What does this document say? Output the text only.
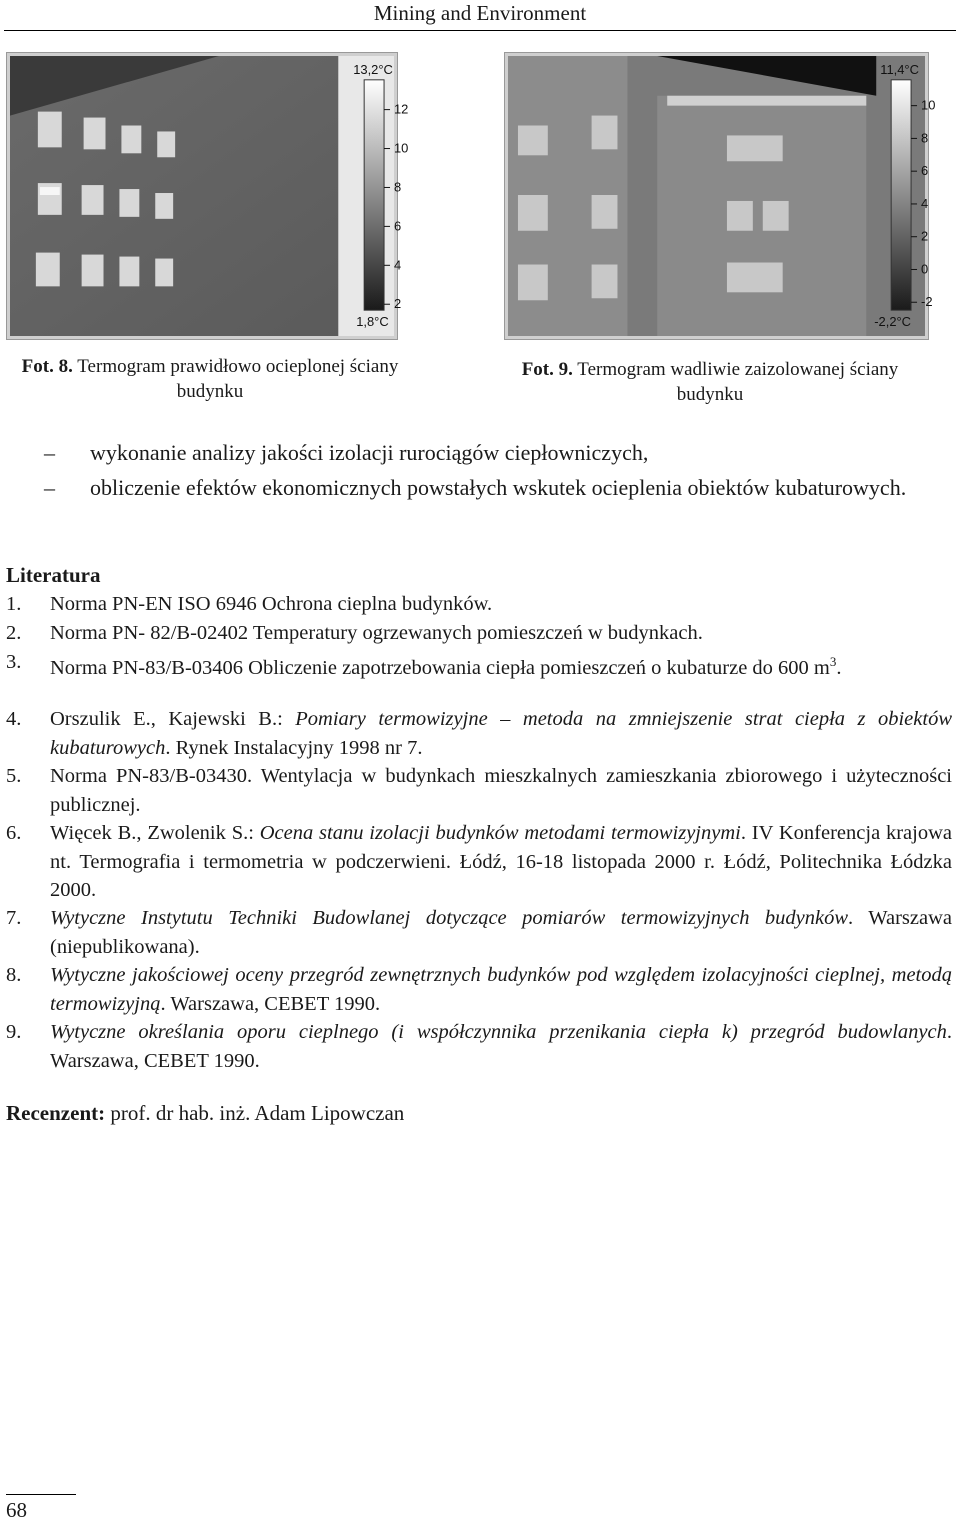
Mining and Environment
13,2°C
1,8°C
12
10
8
6
4
2
11,4°C
-2,2°C
10
8
6
4
2
0
-2
Fot. 8. Termogram prawidłowo ocieplonej ściany budynku
Fot. 9. Termogram wadliwie zaizolowanej ściany budynku
–	wykonanie analizy jakości izolacji rurociągów ciepłowniczych,
–	obliczenie efektów ekonomicznych powstałych wskutek ocieplenia obiektów kubaturowych.
Literatura
1.	Norma PN-EN ISO 6946 Ochrona cieplna budynków.
2.	Norma PN- 82/B-02402 Temperatury ogrzewanych pomieszczeń w budynkach.
3.	Norma PN-83/B-03406 Obliczenie zapotrzebowania ciepła pomieszczeń o kubaturze do 600 $m^3$.
4.	Orszulik E., Kajewski B.: Pomiary termowizyjne – metoda na zmniejszenie strat ciepła z obiektów kubaturowych. Rynek Instalacyjny 1998 nr 7.
5.	Norma PN-83/B-03430. Wentylacja w budynkach mieszkalnych zamieszkania zbiorowego i użyteczności publicznej.
6.	Więcek B., Zwolenik S.: Ocena stanu izolacji budynków metodami termowizyjnymi. IV Konferencja krajowa nt. Termografia i termometria w podczerwieni. Łódź, 16-18 listopada 2000 r. Łódź, Politechnika Łódzka 2000.
7.	Wytyczne Instytutu Techniki Budowlanej dotyczące pomiarów termowizyjnych budynków. Warszawa (niepublikowana).
8.	Wytyczne jakościowej oceny przegród zewnętrznych budynków pod względem izolacyjności cieplnej, metodą termowizyjną. Warszawa, CEBET 1990.
9.	Wytyczne określania oporu cieplnego (i współczynnika przenikania ciepła k) przegród budowlanych. Warszawa, CEBET 1990.
Recenzent: prof. dr hab. inż. Adam Lipowczan
68
